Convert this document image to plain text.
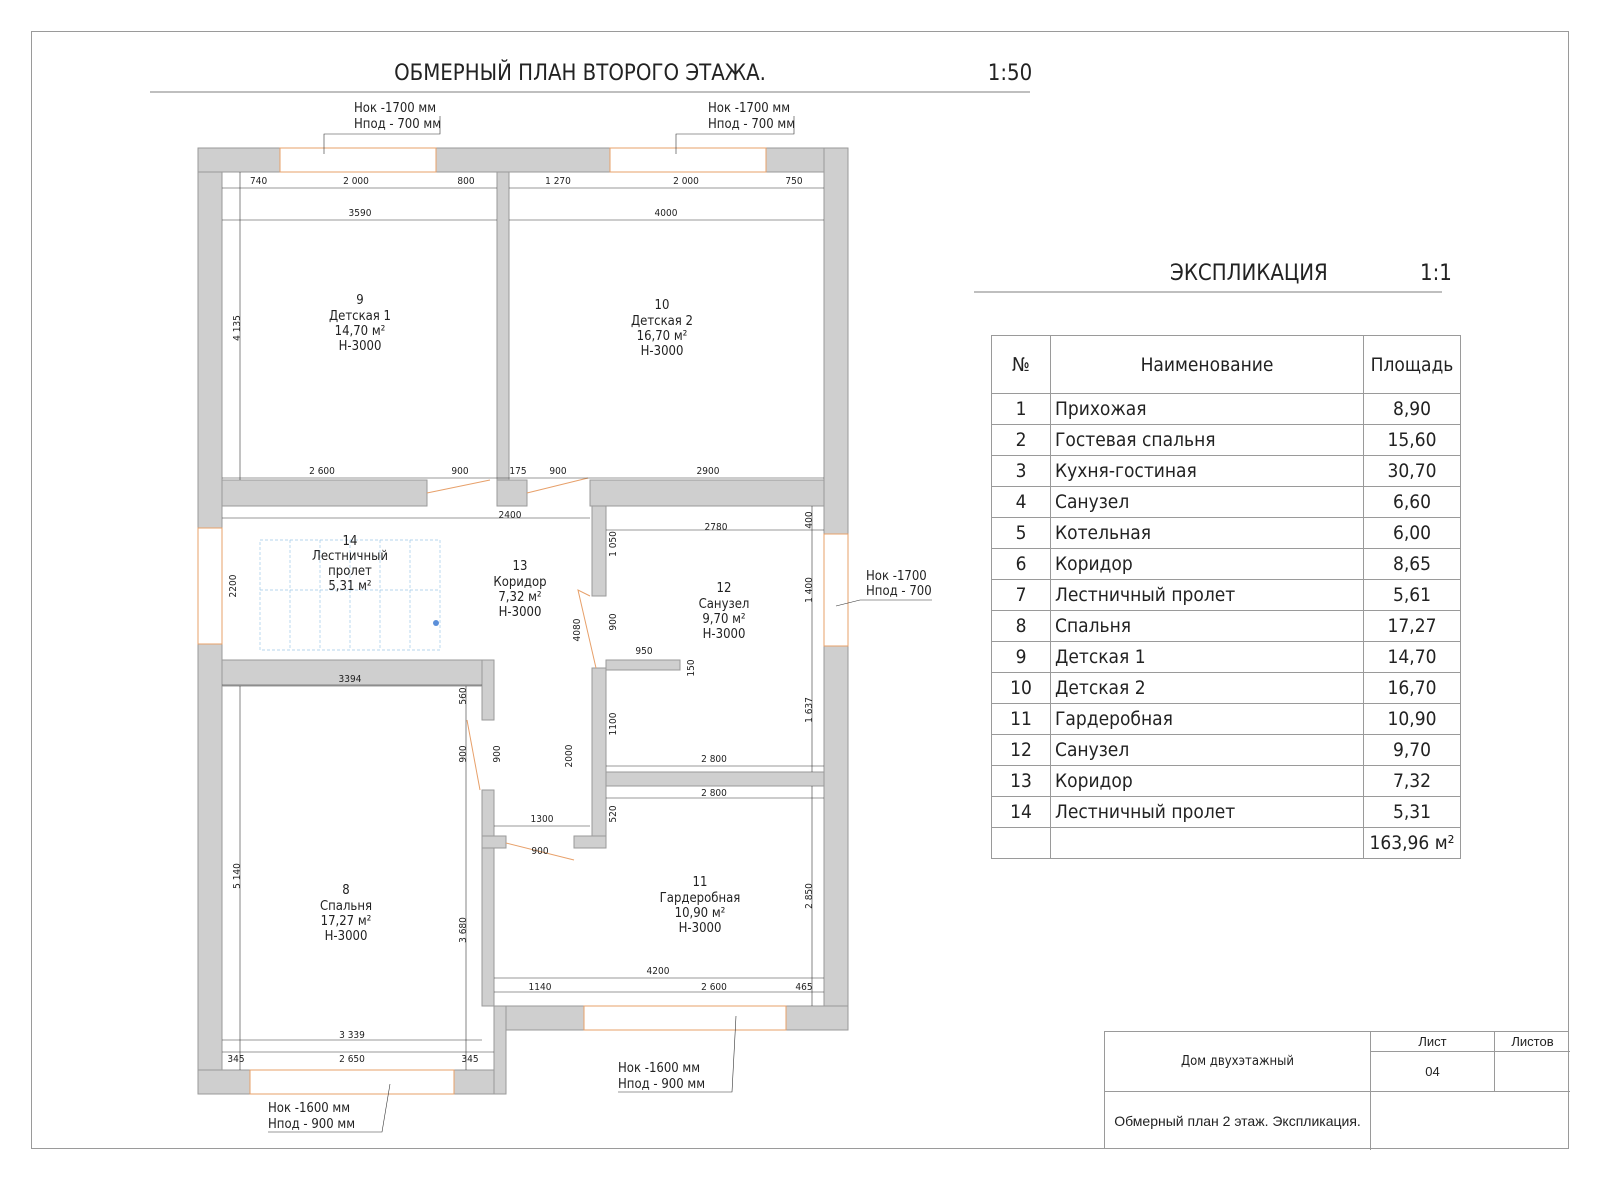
ОБМЕРНЫЙ ПЛАН ВТОРОГО ЭТАЖА.	1:50
740	2 000	800
3590
1 270	2 000	750
4000
2 600	900	175 900	2900
2400
2780	400
1 050
900
1 400
950
150
4080
1100
1 637
2 800
4 135
2200
3394
560
900 900	2000
5 140
3 680
3 339
345	2 650	345
2 800
520
1300
900
2 850
4200
1140	2 600	465
9
Детская 1
14,70 м²
Н-3000
10
Детская 2
16,70 м²
Н-3000
14
Лестничный
пролет
5,31 м²
13
Коридор
7,32 м²
Н-3000
12
Санузел
9,70 м²
Н-3000
8
Спальня
17,27 м²
Н-3000
11
Гардеробная
10,90 м²
Н-3000
Нок -1700 мм
Нпод - 700 мм
Нок -1700 мм
Нпод - 700 мм
Нок -1700
Нпод - 700
Нок -1600 мм
Нпод - 900 мм
Нок -1600 мм
Нпод - 900 мм
ЭКСПЛИКАЦИЯ	1:1
№	Наименование	Площадь
1	Прихожая	8,90
2	Гостевая спальня	15,60
3	Кухня-гостиная	30,70
4	Санузел	6,60
5	Котельная	6,00
6	Коридор	8,65
7	Лестничный пролет	5,61
8	Спальня	17,27
9	Детская 1	14,70
10	Детская 2	16,70
11	Гардеробная	10,90
12	Санузел	9,70
13	Коридор	7,32
14	Лестничный пролет	5,31
		163,96 м²
Дом двухэтажный
Лист	Листов
04
Обмерный план 2 этаж. Экспликация.
